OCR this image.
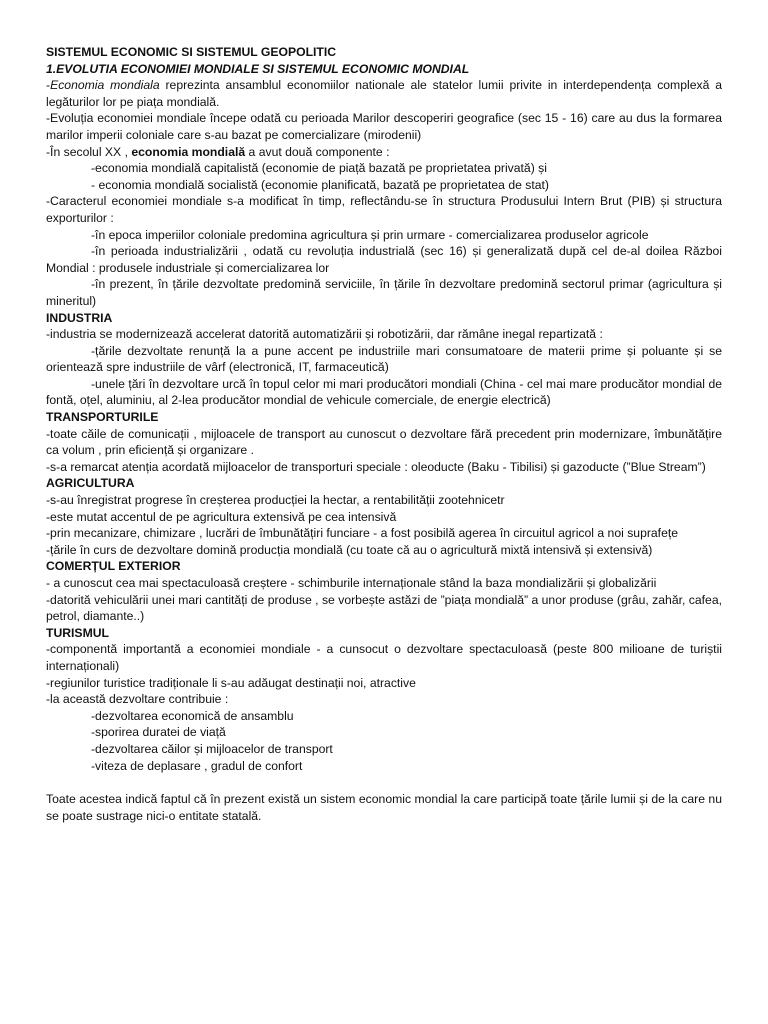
SISTEMUL ECONOMIC SI SISTEMUL GEOPOLITIC

1.EVOLUTIA ECONOMIEI MONDIALE SI SISTEMUL ECONOMIC MONDIAL

-Economia mondiala reprezinta ansamblul economiilor nationale ale statelor lumii privite in interdependența complexă a legăturilor lor pe piața mondială.

-Evoluția economiei mondiale începe odată cu perioada Marilor descoperiri geografice (sec 15 - 16) care au dus la formarea marilor imperii coloniale care s-au bazat pe comercializare (mirodenii)

-În secolul XX , economia mondială a avut două componente :

-economia mondială capitalistă (economie de piață bazată pe proprietatea privată) și

- economia mondială socialistă (economie planificată, bazată pe proprietatea de stat)

-Caracterul economiei mondiale s-a modificat în timp, reflectându-se în structura Produsului Intern Brut (PIB) și structura exporturilor :

-în epoca imperiilor coloniale predomina agricultura și prin urmare - comercializarea produselor agricole

-în perioada industrializării , odată cu revoluția industrială (sec 16) și generalizată după cel de-al doilea Război Mondial : produsele industriale și comercializarea lor

-în prezent, în țările dezvoltate predomină serviciile, în țările în dezvoltare predomină sectorul primar (agricultura și mineritul)

INDUSTRIA

-industria se modernizează accelerat datorită automatizării și robotizării, dar rămâne inegal repartizată :

-țările dezvoltate renunță la a pune accent pe industriile mari consumatoare de materii prime și poluante și se orientează spre industriile de vârf (electronică, IT, farmaceutică)

-unele țări în dezvoltare urcă în topul celor mi mari producători mondiali (China - cel mai mare producător mondial de fontă, oțel, aluminiu, al 2-lea producător mondial de vehicule comerciale, de energie electrică)

TRANSPORTURILE

-toate căile de comunicații , mijloacele de transport au cunoscut o dezvoltare fără precedent prin modernizare, îmbunătățire ca volum , prin eficiență și organizare .

-s-a remarcat atenția acordată mijloacelor de transporturi speciale : oleoducte (Baku - Tibilisi) și gazoducte (”Blue Stream”)

AGRICULTURA

-s-au înregistrat progrese în creșterea producției la hectar, a rentabilității zootehnicetr

-este mutat accentul de pe agricultura extensivă pe cea intensivă

-prin mecanizare, chimizare , lucrări de îmbunătățiri funciare - a fost posibilă agerea în circuitul agricol a noi suprafețe

-țările în curs de dezvoltare domină producția mondială (cu toate că au o agricultură mixtă intensivă și extensivă)

COMERȚUL EXTERIOR

- a cunoscut cea mai spectaculoasă creștere - schimburile internaționale stând la baza mondializării și globalizării

-datorită vehiculării unei mari cantități de produse , se vorbește astăzi de ”piața mondială” a unor produse (grâu, zahăr, cafea, petrol, diamante..)

TURISMUL

-componentă importantă a economiei mondiale - a cunsocut o dezvoltare spectaculoasă (peste 800 milioane de turiștii internaționali)

-regiunilor turistice tradiționale li s-au adăugat destinații noi, atractive

-la această dezvoltare contribuie :

-dezvoltarea economică de ansamblu

-sporirea duratei de viață

-dezvoltarea căilor și mijloacelor de transport

-viteza de deplasare , gradul de confort

Toate acestea indică faptul că în prezent există un sistem economic mondial la care participă toate țările lumii și de la care nu se poate sustrage nici-o entitate statală.
